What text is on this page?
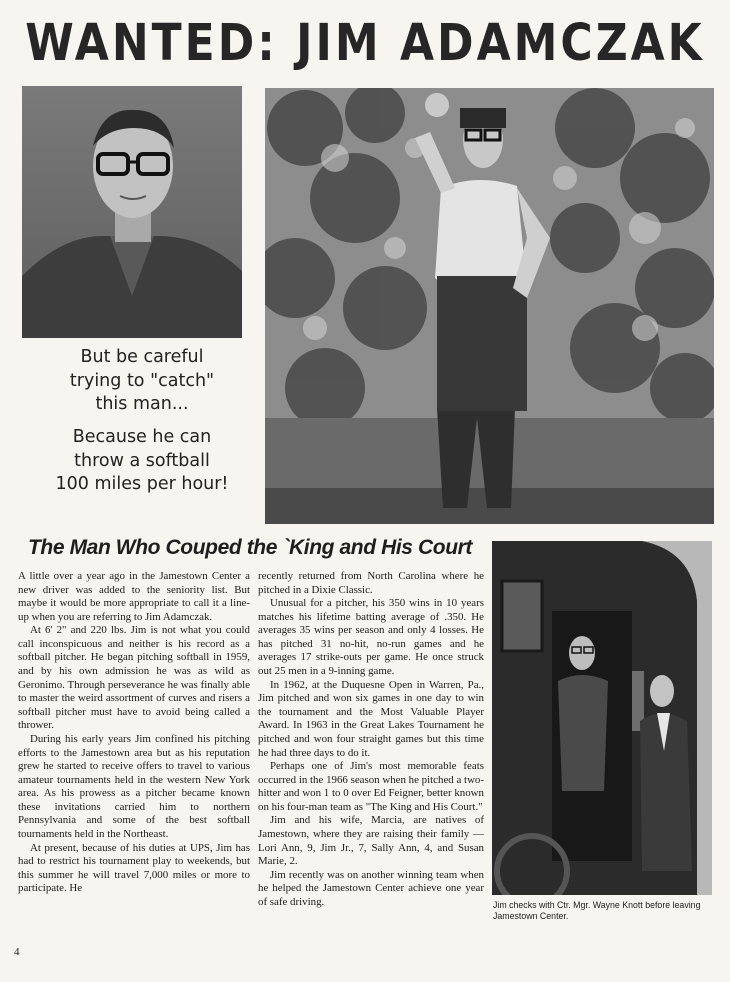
WANTED: JIM ADAMCZAK

But be careful

trying to "catch"

this man...

Because he can

throw a softball

100 miles per hour!

The Man Who Couped the `King and His Court

A little over a year ago in the Jamestown Center a new driver was added to the seniority list. But maybe it would be more appropriate to call it a line-up when you are referring to Jim Adamczak.

At 6' 2" and 220 lbs. Jim is not what you could call inconspicuous and neither is his record as a softball pitcher. He began pitching softball in 1959, and by his own admission he was as wild as Geronimo. Through perseverance he was finally able to master the weird assortment of curves and risers a softball pitcher must have to avoid being called a thrower.

During his early years Jim confined his pitching efforts to the Jamestown area but as his reputation grew he started to receive offers to travel to various amateur tournaments held in the western New York area. As his prowess as a pitcher became known these invitations carried him to northern Pennsylvania and some of the best softball tournaments held in the Northeast.

At present, because of his duties at UPS, Jim has had to restrict his tournament play to weekends, but this summer he will travel 7,000 miles or more to participate. He

recently returned from North Carolina where he pitched in a Dixie Classic.

Unusual for a pitcher, his 350 wins in 10 years matches his lifetime batting average of .350. He averages 35 wins per season and only 4 losses. He has pitched 31 no-hit, no-run games and he averages 17 strike-outs per game. He once struck out 25 men in a 9-inning game.

In 1962, at the Duquesne Open in Warren, Pa., Jim pitched and won six games in one day to win the tournament and the Most Valuable Player Award. In 1963 in the Great Lakes Tournament he pitched and won four straight games but this time he had three days to do it.

Perhaps one of Jim's most memorable feats occurred in the 1966 season when he pitched a two-hitter and won 1 to 0 over Ed Feigner, better known on his four-man team as "The King and His Court."

Jim and his wife, Marcia, are natives of Jamestown, where they are raising their family — Lori Ann, 9, Jim Jr., 7, Sally Ann, 4, and Susan Marie, 2.

Jim recently was on another winning team when he helped the Jamestown Center achieve one year of safe driving.	Jim checks with Ctr. Mgr. Wayne Knott before leaving Jamestown Center.
4
